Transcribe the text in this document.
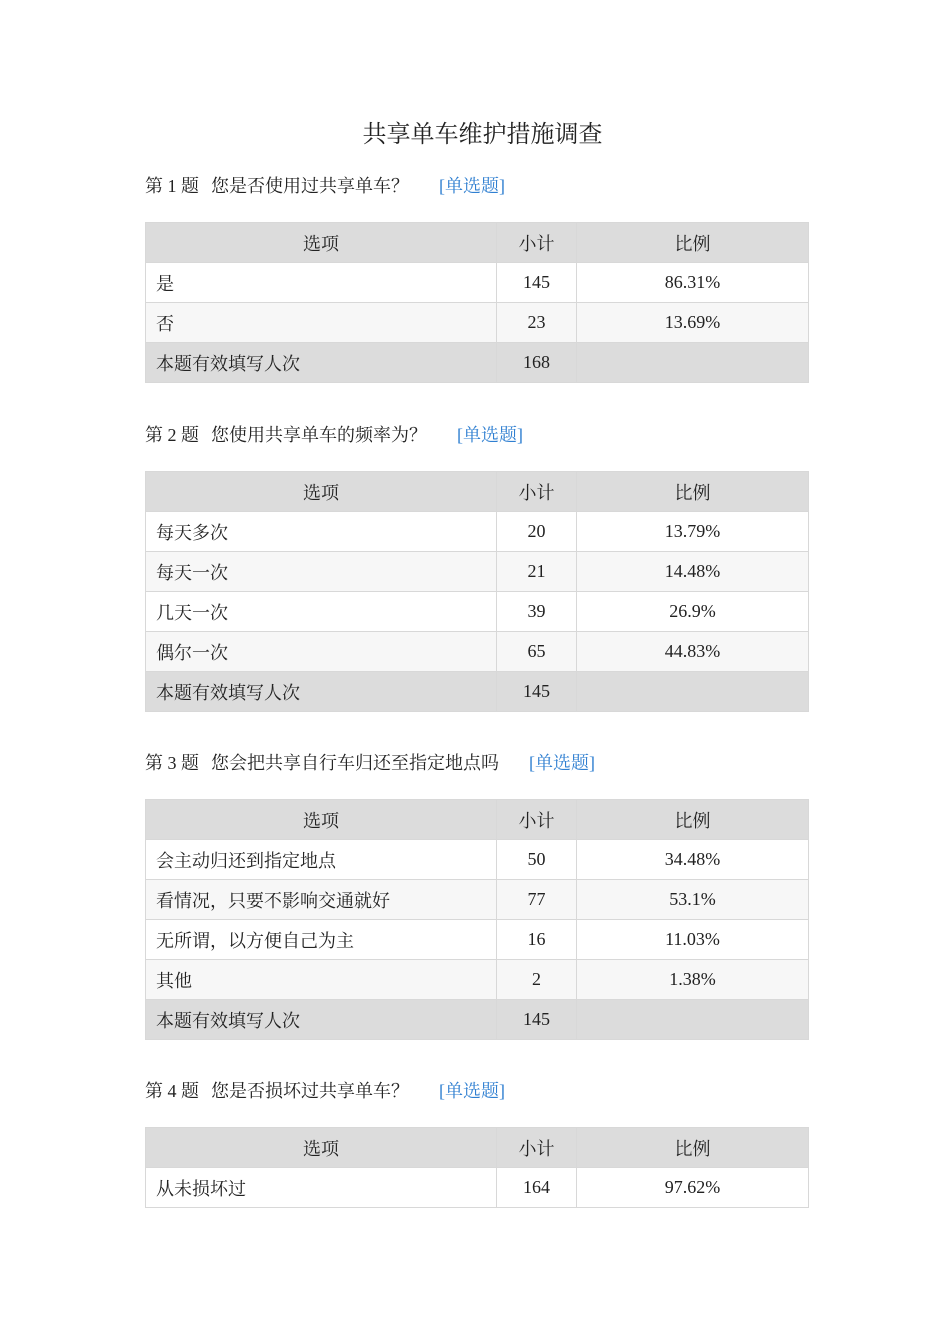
共享单车维护措施调查
第 1 题 您是否使用过共享单车？ [单选题]
选项	小计	比例
是	145	86.31%
否	23	13.69%
本题有效填写人次	168	
第 2 题 您使用共享单车的频率为？ [单选题]
选项	小计	比例
每天多次	20	13.79%
每天一次	21	14.48%
几天一次	39	26.9%
偶尔一次	65	44.83%
本题有效填写人次	145	
第 3 题 您会把共享自行车归还至指定地点吗 [单选题]
选项	小计	比例
会主动归还到指定地点	50	34.48%
看情况，只要不影响交通就好	77	53.1%
无所谓，以方便自己为主	16	11.03%
其他	2	1.38%
本题有效填写人次	145	
第 4 题 您是否损坏过共享单车？ [单选题]
选项	小计	比例
从未损坏过	164	97.62%
